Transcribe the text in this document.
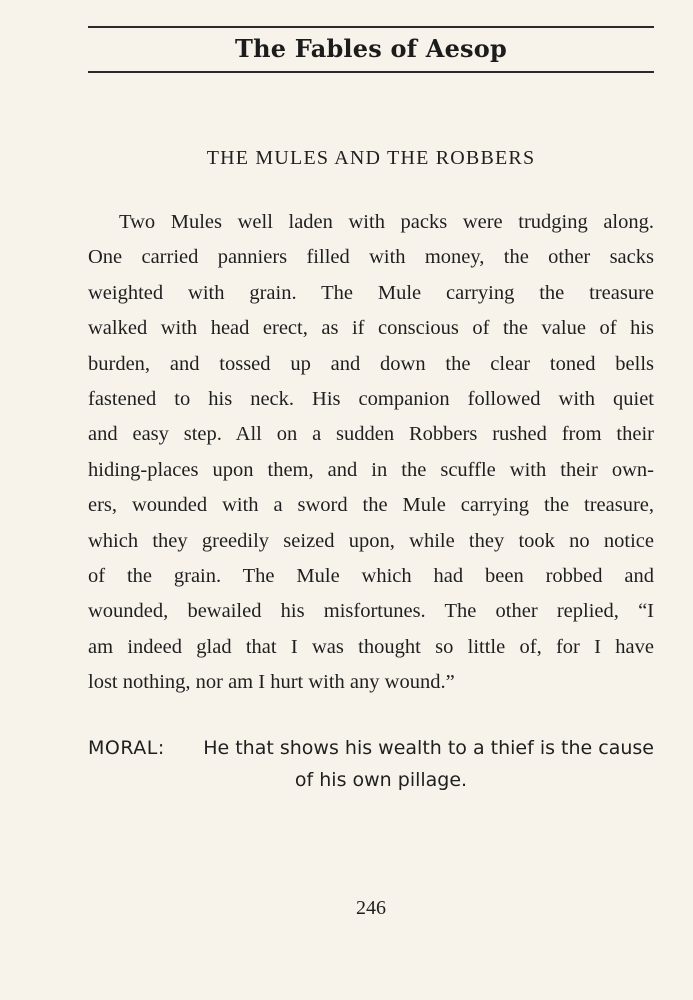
The Fables of Aesop
THE MULES AND THE ROBBERS

Two Mules well laden with packs were trudging along.
One carried panniers filled with money, the other sacks
weighted with grain. The Mule carrying the treasure
walked with head erect, as if conscious of the value of his
burden, and tossed up and down the clear toned bells
fastened to his neck. His companion followed with quiet
and easy step. All on a sudden Robbers rushed from their
hiding-places upon them, and in the scuffle with their own-
ers, wounded with a sword the Mule carrying the treasure,
which they greedily seized upon, while they took no notice
of the grain. The Mule which had been robbed and
wounded, bewailed his misfortunes. The other replied, “I
am indeed glad that I was thought so little of, for I have
lost nothing, nor am I hurt with any wound.”

MORAL:	He that shows his wealth to a thief is the cause
of his own pillage.
246
